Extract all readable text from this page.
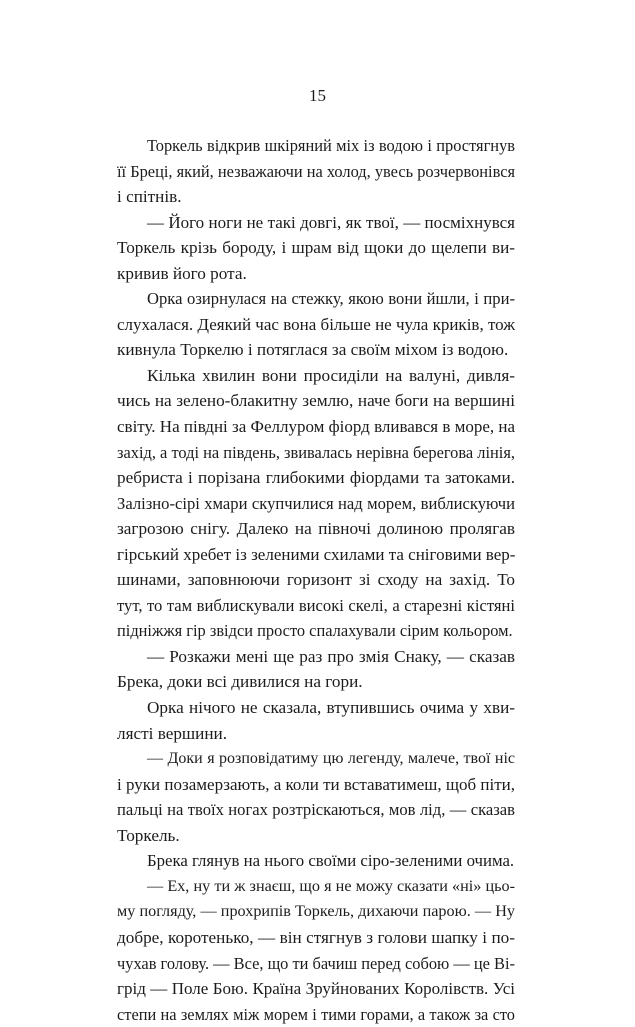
15
Торкель відкрив шкіряний міх із водою і простягнув
її Бреці, який, незважаючи на холод, увесь розчервонівся
і спітнів.
— Його ноги не такі довгі, як твої, — посміхнувся
Торкель крізь бороду, і шрам від щоки до щелепи ви-
кривив його рота.
Орка озирнулася на стежку, якою вони йшли, і при-
слухалася. Деякий час вона більше не чула криків, тож
кивнула Торкелю і потяглася за своїм міхом із водою.
Кілька хвилин вони просиділи на валуні, дивля-
чись на зелено-блакитну землю, наче боги на вершині
світу. На півдні за Феллуром фіорд вливався в море, на
захід, а тоді на південь, звивалась нерівна берегова лінія,
ребриста і порізана глибокими фіордами та затоками.
Залізно-сірі хмари скупчилися над морем, виблискуючи
загрозою снігу. Далеко на півночі долиною пролягав
гірський хребет із зеленими схилами та сніговими вер-
шинами, заповнюючи горизонт зі сходу на захід. То
тут, то там виблискували високі скелі, а старезні кістяні
підніжжя гір звідси просто спалахували сірим кольором.
— Розкажи мені ще раз про змія Снаку, — сказав
Брека, доки всі дивилися на гори.
Орка нічого не сказала, втупившись очима у хви-
лясті вершини.
— Доки я розповідатиму цю легенду, малече, твої ніс
і руки позамерзають, а коли ти вставатимеш, щоб піти,
пальці на твоїх ногах розтріскаються, мов лід, — сказав
Торкель.
Брека глянув на нього своїми сіро-зеленими очима.
— Ех, ну ти ж знаєш, що я не можу сказати «ні» цьо-
му погляду, — прохрипів Торкель, дихаючи парою. — Ну
добре, коротенько, — він стягнув з голови шапку і по-
чухав голову. — Все, що ти бачиш перед собою — це Ві-
грід — Поле Бою. Країна Зруйнованих Королівств. Усі
степи на землях між морем і тими горами, а також за сто
